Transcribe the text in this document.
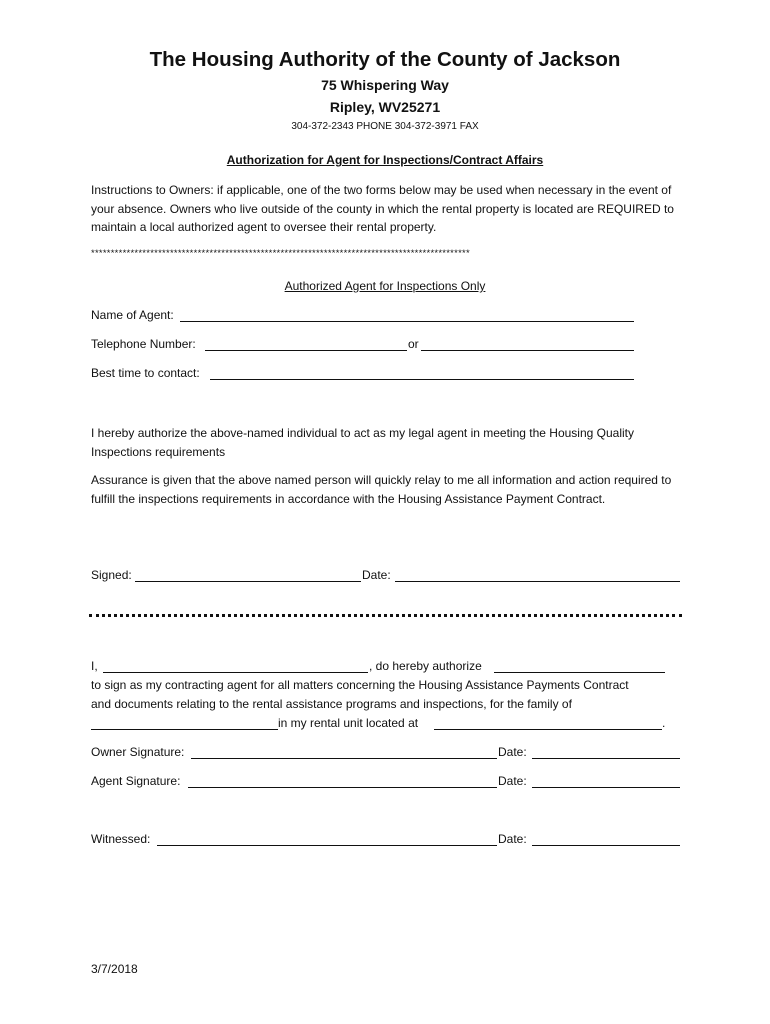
The Housing Authority of the County of Jackson
75 Whispering Way
Ripley, WV25271
304-372-2343 PHONE 304-372-3971 FAX
Authorization for Agent for Inspections/Contract Affairs
Instructions to Owners: if applicable, one of the two forms below may be used when necessary in the event of your absence. Owners who live outside of the county in which the rental property is located are REQUIRED to maintain a local authorized agent to oversee their rental property.
************************************************************************************************
Authorized Agent for Inspections Only
Name of Agent:
Telephone Number:	or
Best time to contact:
I hereby authorize the above-named individual to act as my legal agent in meeting the Housing Quality Inspections requirements
Assurance is given that the above named person will quickly relay to me all information and action required to fulfill the inspections requirements in accordance with the Housing Assistance Payment Contract.
Signed:	Date:
I,	, do hereby authorize
to sign as my contracting agent for all matters concerning the Housing Assistance Payments Contract
and documents relating to the rental assistance programs and inspections, for the family of
in my rental unit located at	.
Owner Signature:	Date:
Agent Signature:	Date:
Witnessed:	Date:
3/7/2018
